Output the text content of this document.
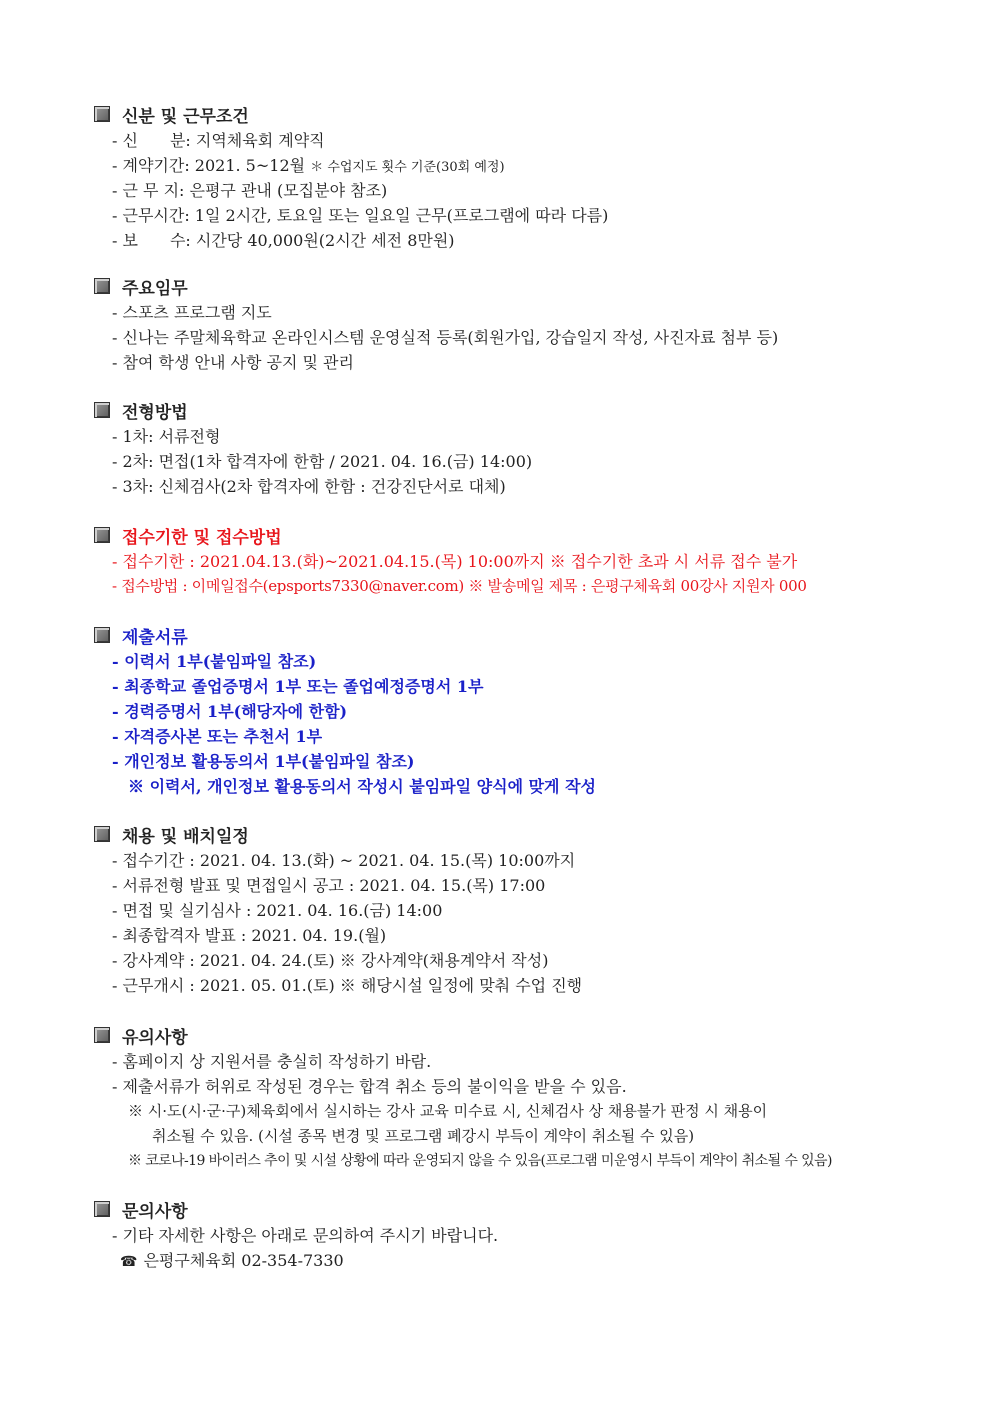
신분 및 근무조건
- 신　　분: 지역체육회 계약직
- 계약기간: 2021. 5~12월 ＊ 수업지도 횟수 기준(30회 예정)
- 근 무 지: 은평구 관내 (모집분야 참조)
- 근무시간: 1일 2시간, 토요일 또는 일요일 근무(프로그램에 따라 다름)
- 보　　수: 시간당 40,000원(2시간 세전 8만원)
주요임무
- 스포츠 프로그램 지도
- 신나는 주말체육학교 온라인시스템 운영실적 등록(회원가입, 강습일지 작성, 사진자료 첨부 등)
- 참여 학생 안내 사항 공지 및 관리
전형방법
- 1차: 서류전형
- 2차: 면접(1차 합격자에 한함 / 2021. 04. 16.(금) 14:00)
- 3차: 신체검사(2차 합격자에 한함 : 건강진단서로 대체)
접수기한 및 접수방법
- 접수기한 : 2021.04.13.(화)~2021.04.15.(목) 10:00까지 ※ 접수기한 초과 시 서류 접수 불가
- 접수방법 : 이메일접수(epsports7330@naver.com) ※ 발송메일 제목 : 은평구체육회 00강사 지원자 000
제출서류
- 이력서 1부(붙임파일 참조)
- 최종학교 졸업증명서 1부 또는 졸업예정증명서 1부
- 경력증명서 1부(해당자에 한함)
- 자격증사본 또는 추천서 1부
- 개인정보 활용동의서 1부(붙임파일 참조)
※ 이력서, 개인정보 활용동의서 작성시 붙임파일 양식에 맞게 작성
채용 및 배치일정
- 접수기간 : 2021. 04. 13.(화) ~ 2021. 04. 15.(목) 10:00까지
- 서류전형 발표 및 면접일시 공고 : 2021. 04. 15.(목) 17:00
- 면접 및 실기심사 : 2021. 04. 16.(금) 14:00
- 최종합격자 발표 : 2021. 04. 19.(월)
- 강사계약 : 2021. 04. 24.(토) ※ 강사계약(채용계약서 작성)
- 근무개시 : 2021. 05. 01.(토) ※ 해당시설 일정에 맞춰 수업 진행
유의사항
- 홈페이지 상 지원서를 충실히 작성하기 바람.
- 제출서류가 허위로 작성된 경우는 합격 취소 등의 불이익을 받을 수 있음.
※ 시·도(시·군·구)체육회에서 실시하는 강사 교육 미수료 시, 신체검사 상 채용불가 판정 시 채용이
취소될 수 있음. (시설 종목 변경 및 프로그램 폐강시 부득이 계약이 취소될 수 있음)
※ 코로나-19 바이러스 추이 및 시설 상황에 따라 운영되지 않을 수 있음(프로그램 미운영시 부득이 계약이 취소될 수 있음)
문의사항
- 기타 자세한 사항은 아래로 문의하여 주시기 바랍니다.
☎ 은평구체육회 02-354-7330
